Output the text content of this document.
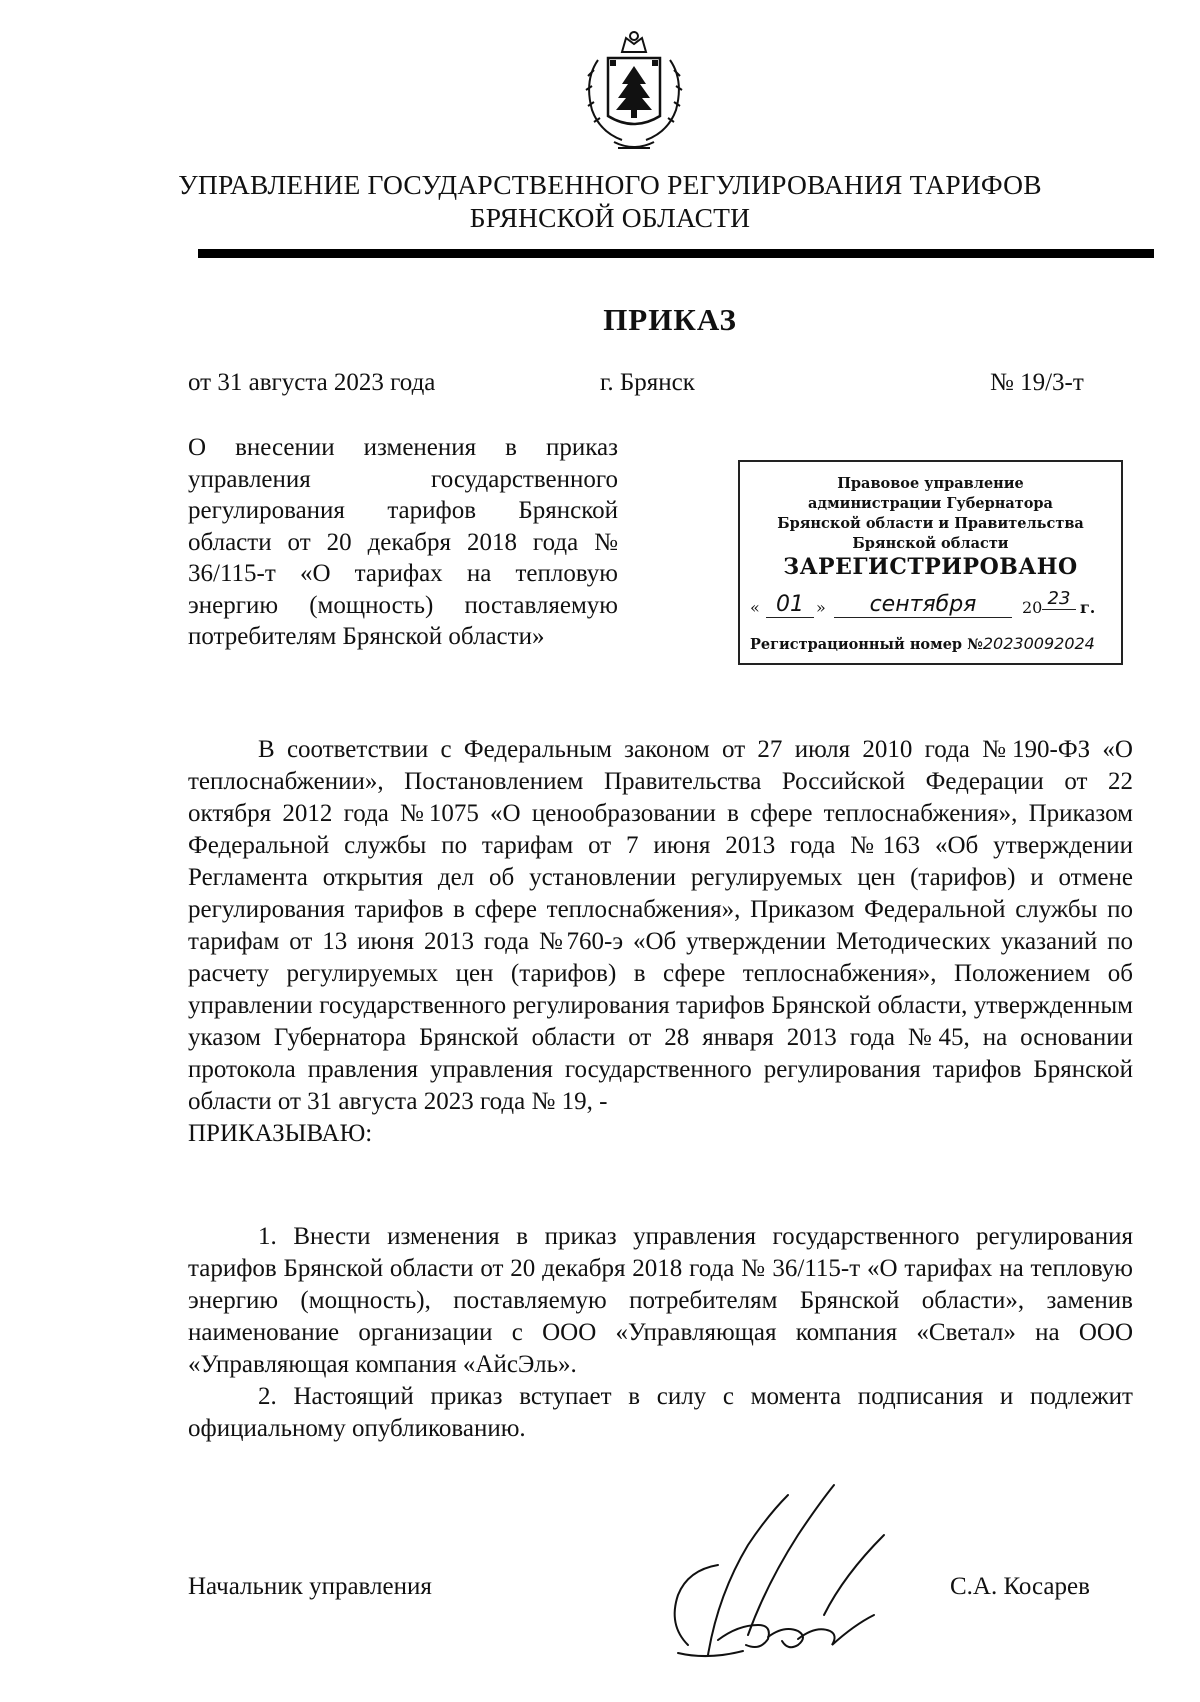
УПРАВЛЕНИЕ ГОСУДАРСТВЕННОГО РЕГУЛИРОВАНИЯ ТАРИФОВ
БРЯНСКОЙ ОБЛАСТИ
ПРИКАЗ
от 31 августа 2023 года	г. Брянск	№ 19/3-т
О внесении изменения в приказ управления государственного регулирования тарифов Брянской области от 20 декабря 2018 года № 36/115-т «О тарифах на тепловую энергию (мощность) поставляемую потребителям Брянской области»
Правовое управление
администрации Губернатора
Брянской области и Правительства
Брянской области
ЗАРЕГИСТРИРОВАНО
« 01 »	сентября	20 23 г.
Регистрационный номер №20230092024

В соответствии с Федеральным законом от 27 июля 2010 года №190-ФЗ «О теплоснабжении», Постановлением Правительства Российской Федерации от 22 октября 2012 года №1075 «О ценообразовании в сфере теплоснабжения», Приказом Федеральной службы по тарифам от 7 июня 2013 года №163 «Об утверждении Регламента открытия дел об установлении регулируемых цен (тарифов) и отмене регулирования тарифов в сфере теплоснабжения», Приказом Федеральной службы по тарифам от 13 июня 2013 года №760-э «Об утверждении Методических указаний по расчету регулируемых цен (тарифов) в сфере теплоснабжения», Положением об управлении государственного регулирования тарифов Брянской области, утвержденным указом Губернатора Брянской области от 28 января 2013 года №45, на основании протокола правления управления государственного регулирования тарифов Брянской области от 31 августа 2023 года № 19, -

ПРИКАЗЫВАЮ:

1. Внести изменения в приказ управления государственного регулирования тарифов Брянской области от 20 декабря 2018 года № 36/115-т «О тарифах на тепловую энергию (мощность), поставляемую потребителям Брянской области», заменив наименование организации с ООО «Управляющая компания «Светал» на ООО «Управляющая компания «АйсЭль».

2. Настоящий приказ вступает в силу с момента подписания и подлежит официальному опубликованию.

Начальник управления	С.А. Косарев
